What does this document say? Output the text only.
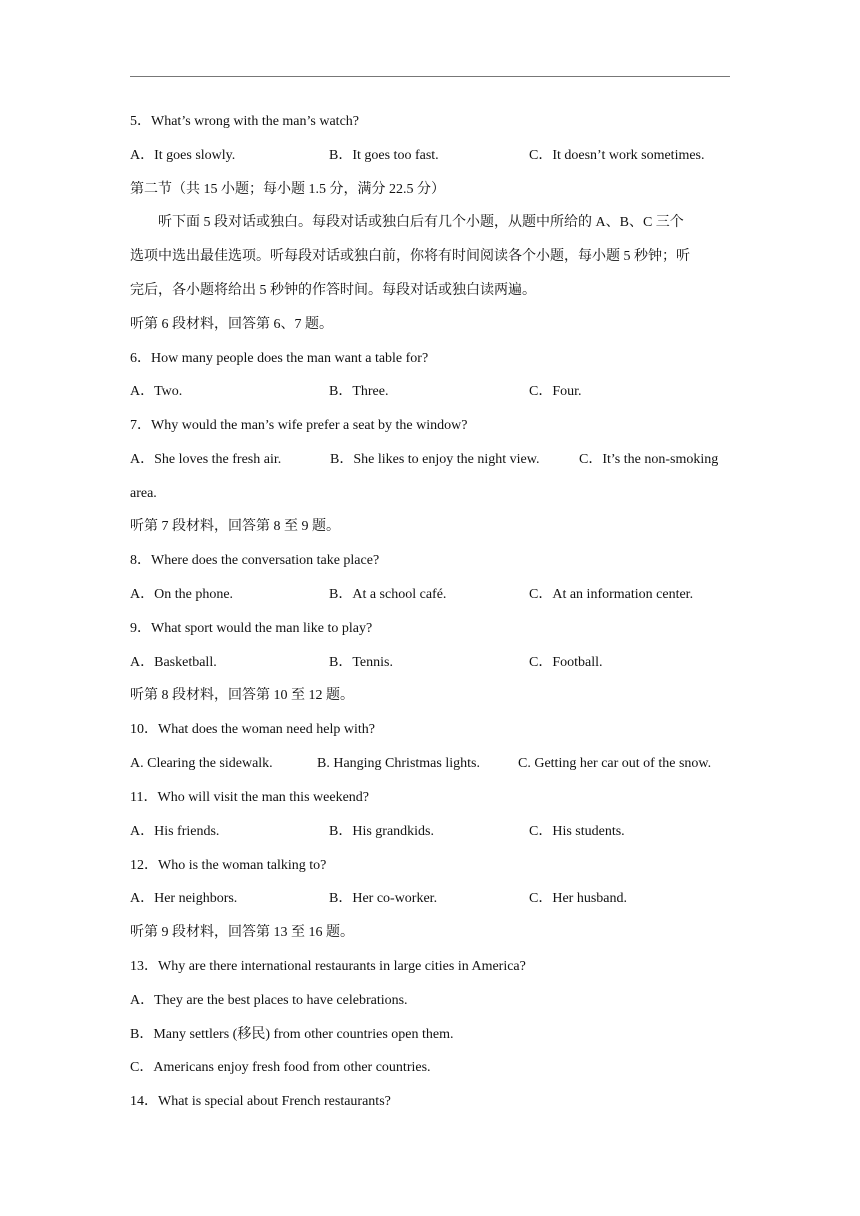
5．What’s wrong with the man’s watch?
A．It goes slowly.	B．It goes too fast.	C．It doesn’t work sometimes.
第二节（共 15 小题；每小题 1.5 分，满分 22.5 分）
听下面 5 段对话或独白。每段对话或独白后有几个小题，从题中所给的 A、B、C 三个
选项中选出最佳选项。听每段对话或独白前，你将有时间阅读各个小题，每小题 5 秒钟；听
完后，各小题将给出 5 秒钟的作答时间。每段对话或独白读两遍。
听第 6 段材料，回答第 6、7 题。
6．How many people does the man want a table for?
A．Two.	B．Three.	C．Four.
7．Why would the man’s wife prefer a seat by the window?
A．She loves the fresh air.	B．She likes to enjoy the night view.	C．It’s the non-smoking
area.
听第 7 段材料，回答第 8 至 9 题。
8．Where does the conversation take place?
A．On the phone.	B．At a school café.	C．At an information center.
9．What sport would the man like to play?
A．Basketball.	B．Tennis.	C．Football.
听第 8 段材料，回答第 10 至 12 题。
10．What does the woman need help with?
A. Clearing the sidewalk.	B. Hanging Christmas lights.	C. Getting her car out of the snow.
11．Who will visit the man this weekend?
A．His friends.	B．His grandkids.	C．His students.
12．Who is the woman talking to?
A．Her neighbors.	B．Her co-worker.	C．Her husband.
听第 9 段材料，回答第 13 至 16 题。
13．Why are there international restaurants in large cities in America?
A．They are the best places to have celebrations.
B．Many settlers (移民) from other countries open them.
C．Americans enjoy fresh food from other countries.
14．What is special about French restaurants?
